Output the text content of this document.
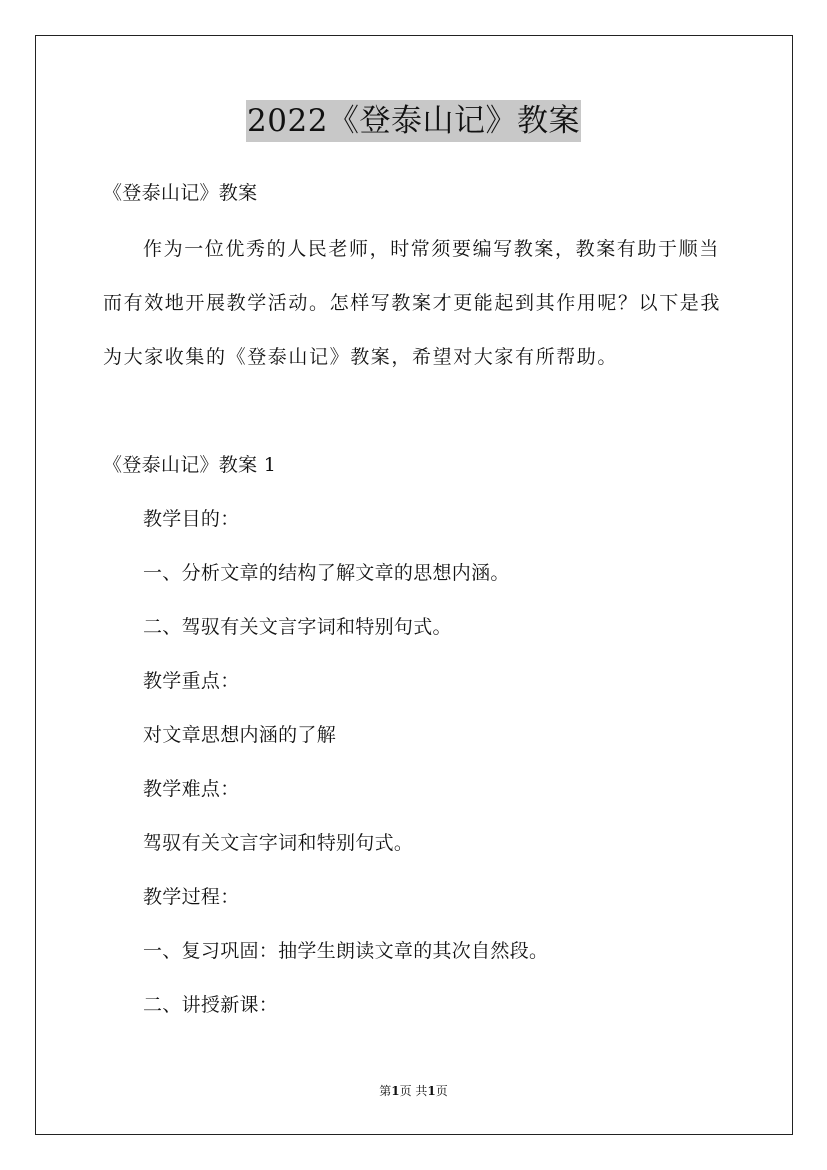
2022《登泰山记》教案
《登泰山记》教案
作为一位优秀的人民老师，时常须要编写教案，教案有助于顺当
而有效地开展教学活动。怎样写教案才更能起到其作用呢？以下是我
为大家收集的《登泰山记》教案，希望对大家有所帮助。
《登泰山记》教案 1
教学目的：
一、分析文章的结构了解文章的思想内涵。
二、驾驭有关文言字词和特别句式。
教学重点：
对文章思想内涵的了解
教学难点：
驾驭有关文言字词和特别句式。
教学过程：
一、复习巩固：抽学生朗读文章的其次自然段。
二、讲授新课：
第1页 共1页
